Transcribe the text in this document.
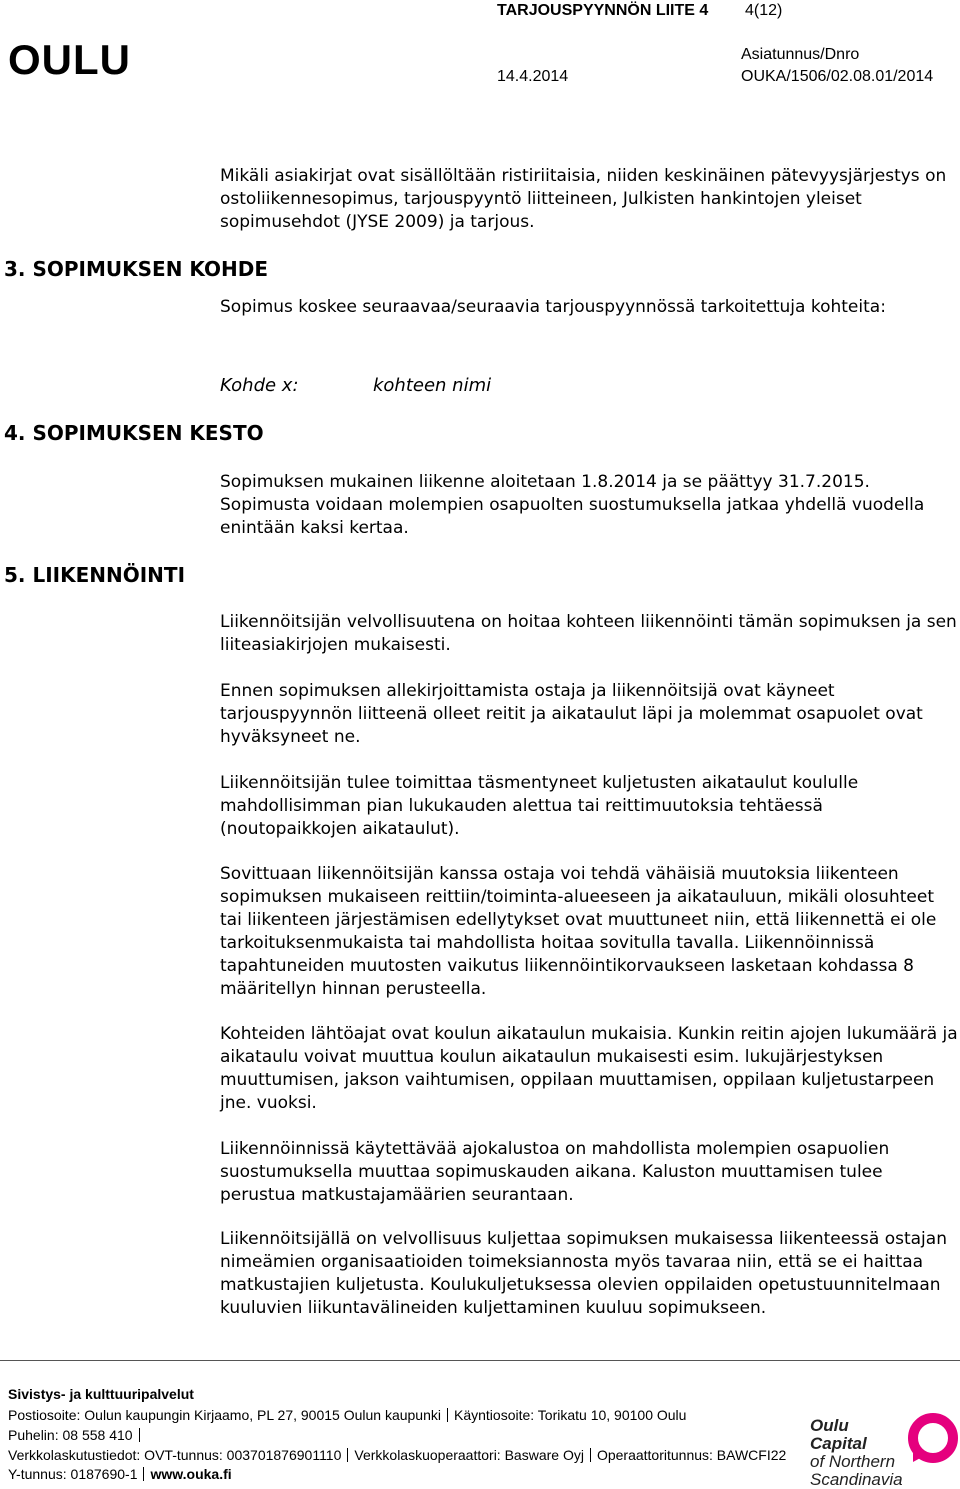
OULU
TARJOUSPYYNNÖN LIITE 4 4(12)
Asiatunnus/Dnro
14.4.2014	OUKA/1506/02.08.01/2014

Mikäli asiakirjat ovat sisällöltään ristiriitaisia, niiden keskinäinen pätevyysjärjestys on ostoliikennesopimus, tarjouspyyntö liitteineen, Julkisten hankintojen yleiset sopimusehdot (JYSE 2009) ja tarjous.

3. SOPIMUKSEN KOHDE

Sopimus koskee seuraavaa/seuraavia tarjouspyynnössä tarkoitettuja kohteita:

Kohde x:	kohteen nimi
4. SOPIMUKSEN KESTO

Sopimuksen mukainen liikenne aloitetaan 1.8.2014 ja se päättyy 31.7.2015. Sopimusta voidaan molempien osapuolten suostumuksella jatkaa yhdellä vuodella enintään kaksi kertaa.

5. LIIKENNÖINTI

Liikennöitsijän velvollisuutena on hoitaa kohteen liikennöinti tämän sopimuksen ja sen liiteasiakirjojen mukaisesti.

Ennen sopimuksen allekirjoittamista ostaja ja liikennöitsijä ovat käyneet tarjouspyynnön liitteenä olleet reitit ja aikataulut läpi ja molemmat osapuolet ovat hyväksyneet ne.

Liikennöitsijän tulee toimittaa täsmentyneet kuljetusten aikataulut koululle mahdollisimman pian lukukauden alettua tai reittimuutoksia tehtäessä (noutopaikkojen aikataulut).

Sovittuaan liikennöitsijän kanssa ostaja voi tehdä vähäisiä muutoksia liikenteen sopimuksen mukaiseen reittiin/toiminta-alueeseen ja aikatauluun, mikäli olosuhteet tai liikenteen järjestämisen edellytykset ovat muuttuneet niin, että liikennettä ei ole tarkoituksenmukaista tai mahdollista hoitaa sovitulla tavalla. Liikennöinnissä tapahtuneiden muutosten vaikutus liikennöintikorvaukseen lasketaan kohdassa 8 määritellyn hinnan perusteella.

Kohteiden lähtöajat ovat koulun aikataulun mukaisia. Kunkin reitin ajojen lukumäärä ja aikataulu voivat muuttua koulun aikataulun mukaisesti esim. lukujärjestyksen muuttumisen, jakson vaihtumisen, oppilaan muuttamisen, oppilaan kuljetustarpeen jne. vuoksi.

Liikennöinnissä käytettävää ajokalustoa on mahdollista molempien osapuolien suostumuksella muuttaa sopimuskauden aikana. Kaluston muuttamisen tulee perustua matkustajamäärien seurantaan.

Liikennöitsijällä on velvollisuus kuljettaa sopimuksen mukaisessa liikenteessä ostajan nimeämien organisaatioiden toimeksiannosta myös tavaraa niin, että se ei haittaa matkustajien kuljetusta. Koulukuljetuksessa olevien oppilaiden opetustuunnitelmaan kuuluvien liikuntavälineiden kuljettaminen kuuluu sopimukseen.

Sivistys- ja kulttuuripalvelut
Postiosoite: Oulun kaupungin Kirjaamo, PL 27, 90015 Oulun kaupunki Käyntiosoite: Torikatu 10, 90100 Oulu
Puhelin: 08 558 410
Verkkolaskutustiedot: OVT-tunnus: 003701876901110 Verkkolaskuoperaattori: Basware Oyj Operaattoritunnus: BAWCFI22
Y-tunnus: 0187690-1 www.ouka.fi
Oulu Capital
of Northern
Scandinavia
